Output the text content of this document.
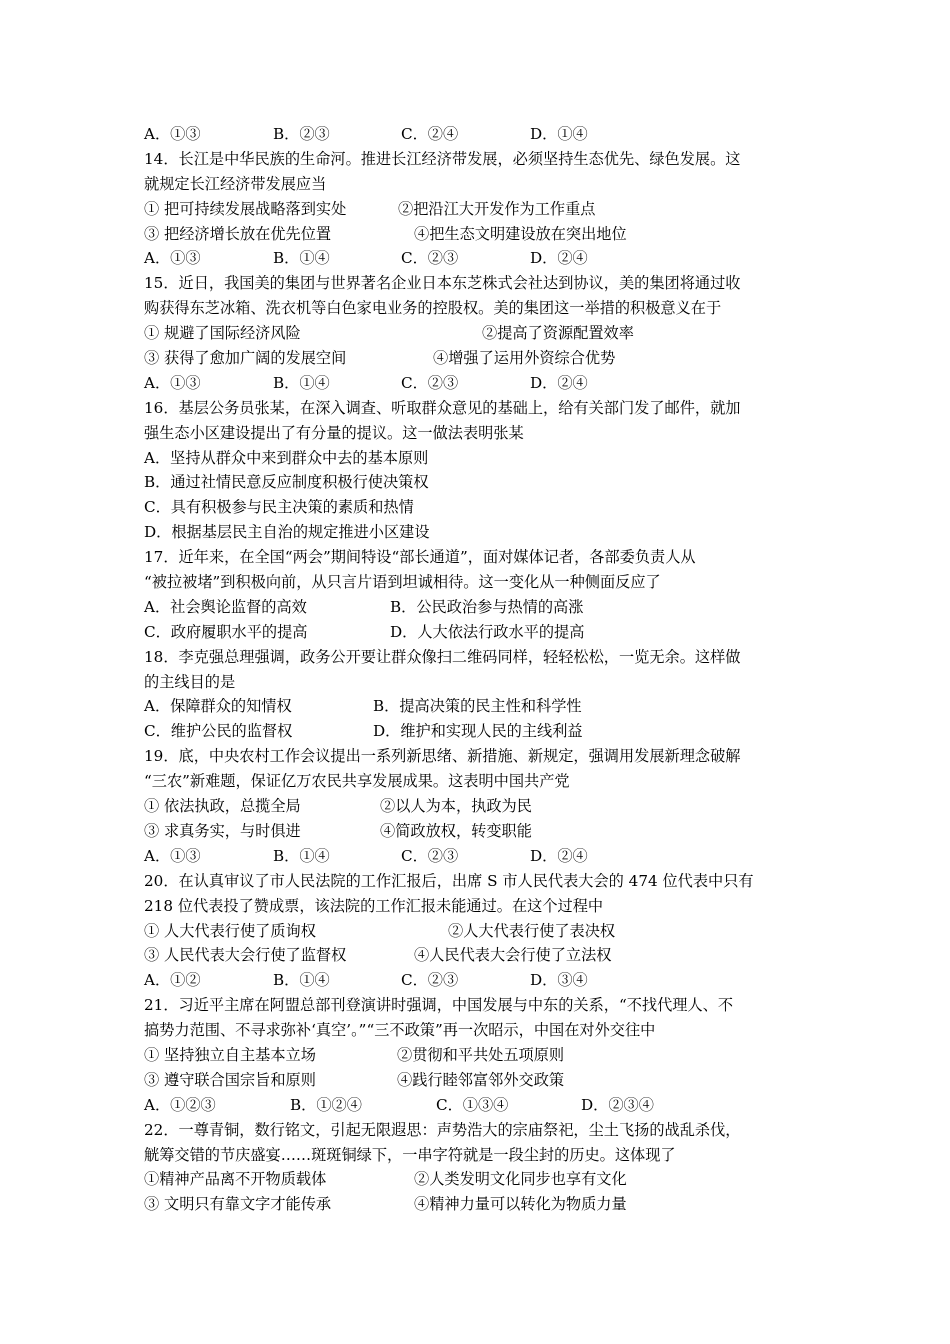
A．①③	B．②③	C．②④	D．①④
14．长江是中华民族的生命河。推进长江经济带发展，必须坚持生态优先、绿色发展。这
就规定长江经济带发展应当
① 把可持续发展战略落到实处	②把沿江大开发作为工作重点
③ 把经济增长放在优先位置	④把生态文明建设放在突出地位
A．①③	B．①④	C．②③	D．②④
15．近日，我国美的集团与世界著名企业日本东芝株式会社达到协议，美的集团将通过收
购获得东芝冰箱、洗衣机等白色家电业务的控股权。美的集团这一举措的积极意义在于
① 规避了国际经济风险	②提高了资源配置效率
③ 获得了愈加广阔的发展空间	④增强了运用外资综合优势
A．①③	B．①④	C．②③	D．②④
16．基层公务员张某，在深入调查、听取群众意见的基础上，给有关部门发了邮件，就加
强生态小区建设提出了有分量的提议。这一做法表明张某
A．坚持从群众中来到群众中去的基本原则
B．通过社情民意反应制度积极行使决策权
C．具有积极参与民主决策的素质和热情
D．根据基层民主自治的规定推进小区建设
17．近年来，在全国“两会”期间特设“部长通道”，面对媒体记者，各部委负责人从
“被拉被堵”到积极向前，从只言片语到坦诚相待。这一变化从一种侧面反应了
A．社会舆论监督的高效	B．公民政治参与热情的高涨
C．政府履职水平的提高	D．人大依法行政水平的提高
18．李克强总理强调，政务公开要让群众像扫二维码同样，轻轻松松，一览无余。这样做
的主线目的是
A．保障群众的知情权	B．提高决策的民主性和科学性
C．维护公民的监督权	D．维护和实现人民的主线利益
19．底，中央农村工作会议提出一系列新思绪、新措施、新规定，强调用发展新理念破解
“三农”新难题，保证亿万农民共享发展成果。这表明中国共产党
① 依法执政，总揽全局	②以人为本，执政为民
③ 求真务实，与时俱进	④简政放权，转变职能
A．①③	B．①④	C．②③	D．②④
20．在认真审议了市人民法院的工作汇报后，出席 S 市人民代表大会的 474 位代表中只有
218 位代表投了赞成票，该法院的工作汇报未能通过。在这个过程中
① 人大代表行使了质询权	②人大代表行使了表决权
③ 人民代表大会行使了监督权	④人民代表大会行使了立法权
A．①②	B．①④	C．②③	D．③④
21．习近平主席在阿盟总部刊登演讲时强调，中国发展与中东的关系，“不找代理人、不
搞势力范围、不寻求弥补‘真空’。”“三不政策”再一次昭示，中国在对外交往中
① 坚持独立自主基本立场	②贯彻和平共处五项原则
③ 遵守联合国宗旨和原则	④践行睦邻富邻外交政策
A．①②③	B．①②④	C．①③④	D．②③④
22．一尊青铜，数行铭文，引起无限遐思：声势浩大的宗庙祭祀，尘土飞扬的战乱杀伐，
觥筹交错的节庆盛宴……斑斑铜绿下，一串字符就是一段尘封的历史。这体现了
①精神产品离不开物质载体	②人类发明文化同步也享有文化
③ 文明只有靠文字才能传承	④精神力量可以转化为物质力量
